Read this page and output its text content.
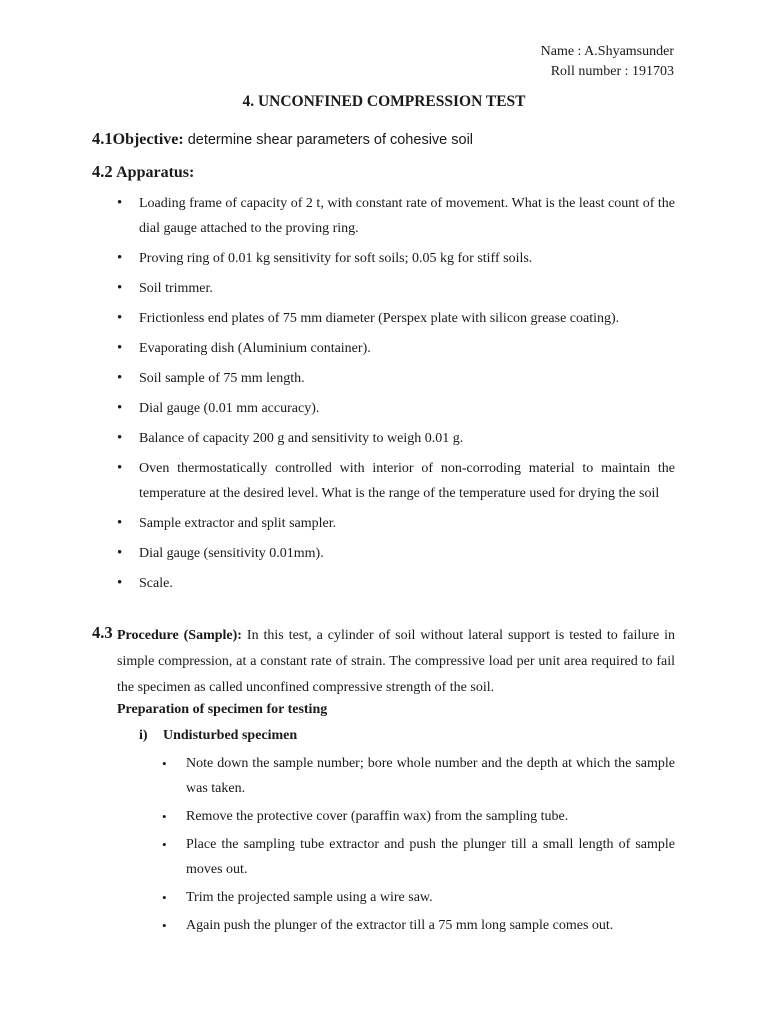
Name : A.Shyamsunder
Roll number : 191703
4. UNCONFINED COMPRESSION TEST
4.1Objective: determine shear parameters of cohesive soil
4.2 Apparatus:
• Loading frame of capacity of 2 t, with constant rate of movement. What is the least count of the dial gauge attached to the proving ring.
• Proving ring of 0.01 kg sensitivity for soft soils; 0.05 kg for stiff soils.
• Soil trimmer.
• Frictionless end plates of 75 mm diameter (Perspex plate with silicon grease coating).
• Evaporating dish (Aluminium container).
• Soil sample of 75 mm length.
• Dial gauge (0.01 mm accuracy).
• Balance of capacity 200 g and sensitivity to weigh 0.01 g.
• Oven thermostatically controlled with interior of non-corroding material to maintain the temperature at the desired level. What is the range of the temperature used for drying the soil
• Sample extractor and split sampler.
• Dial gauge (sensitivity 0.01mm).
• Scale.
4.3 Procedure (Sample): In this test, a cylinder of soil without lateral support is tested to failure in simple compression, at a constant rate of strain. The compressive load per unit area required to fail the specimen as called unconfined compressive strength of the soil.
Preparation of specimen for testing
i) Undisturbed specimen
• Note down the sample number; bore whole number and the depth at which the sample was taken.
• Remove the protective cover (paraffin wax) from the sampling tube.
• Place the sampling tube extractor and push the plunger till a small length of sample moves out.
• Trim the projected sample using a wire saw.
• Again push the plunger of the extractor till a 75 mm long sample comes out.
